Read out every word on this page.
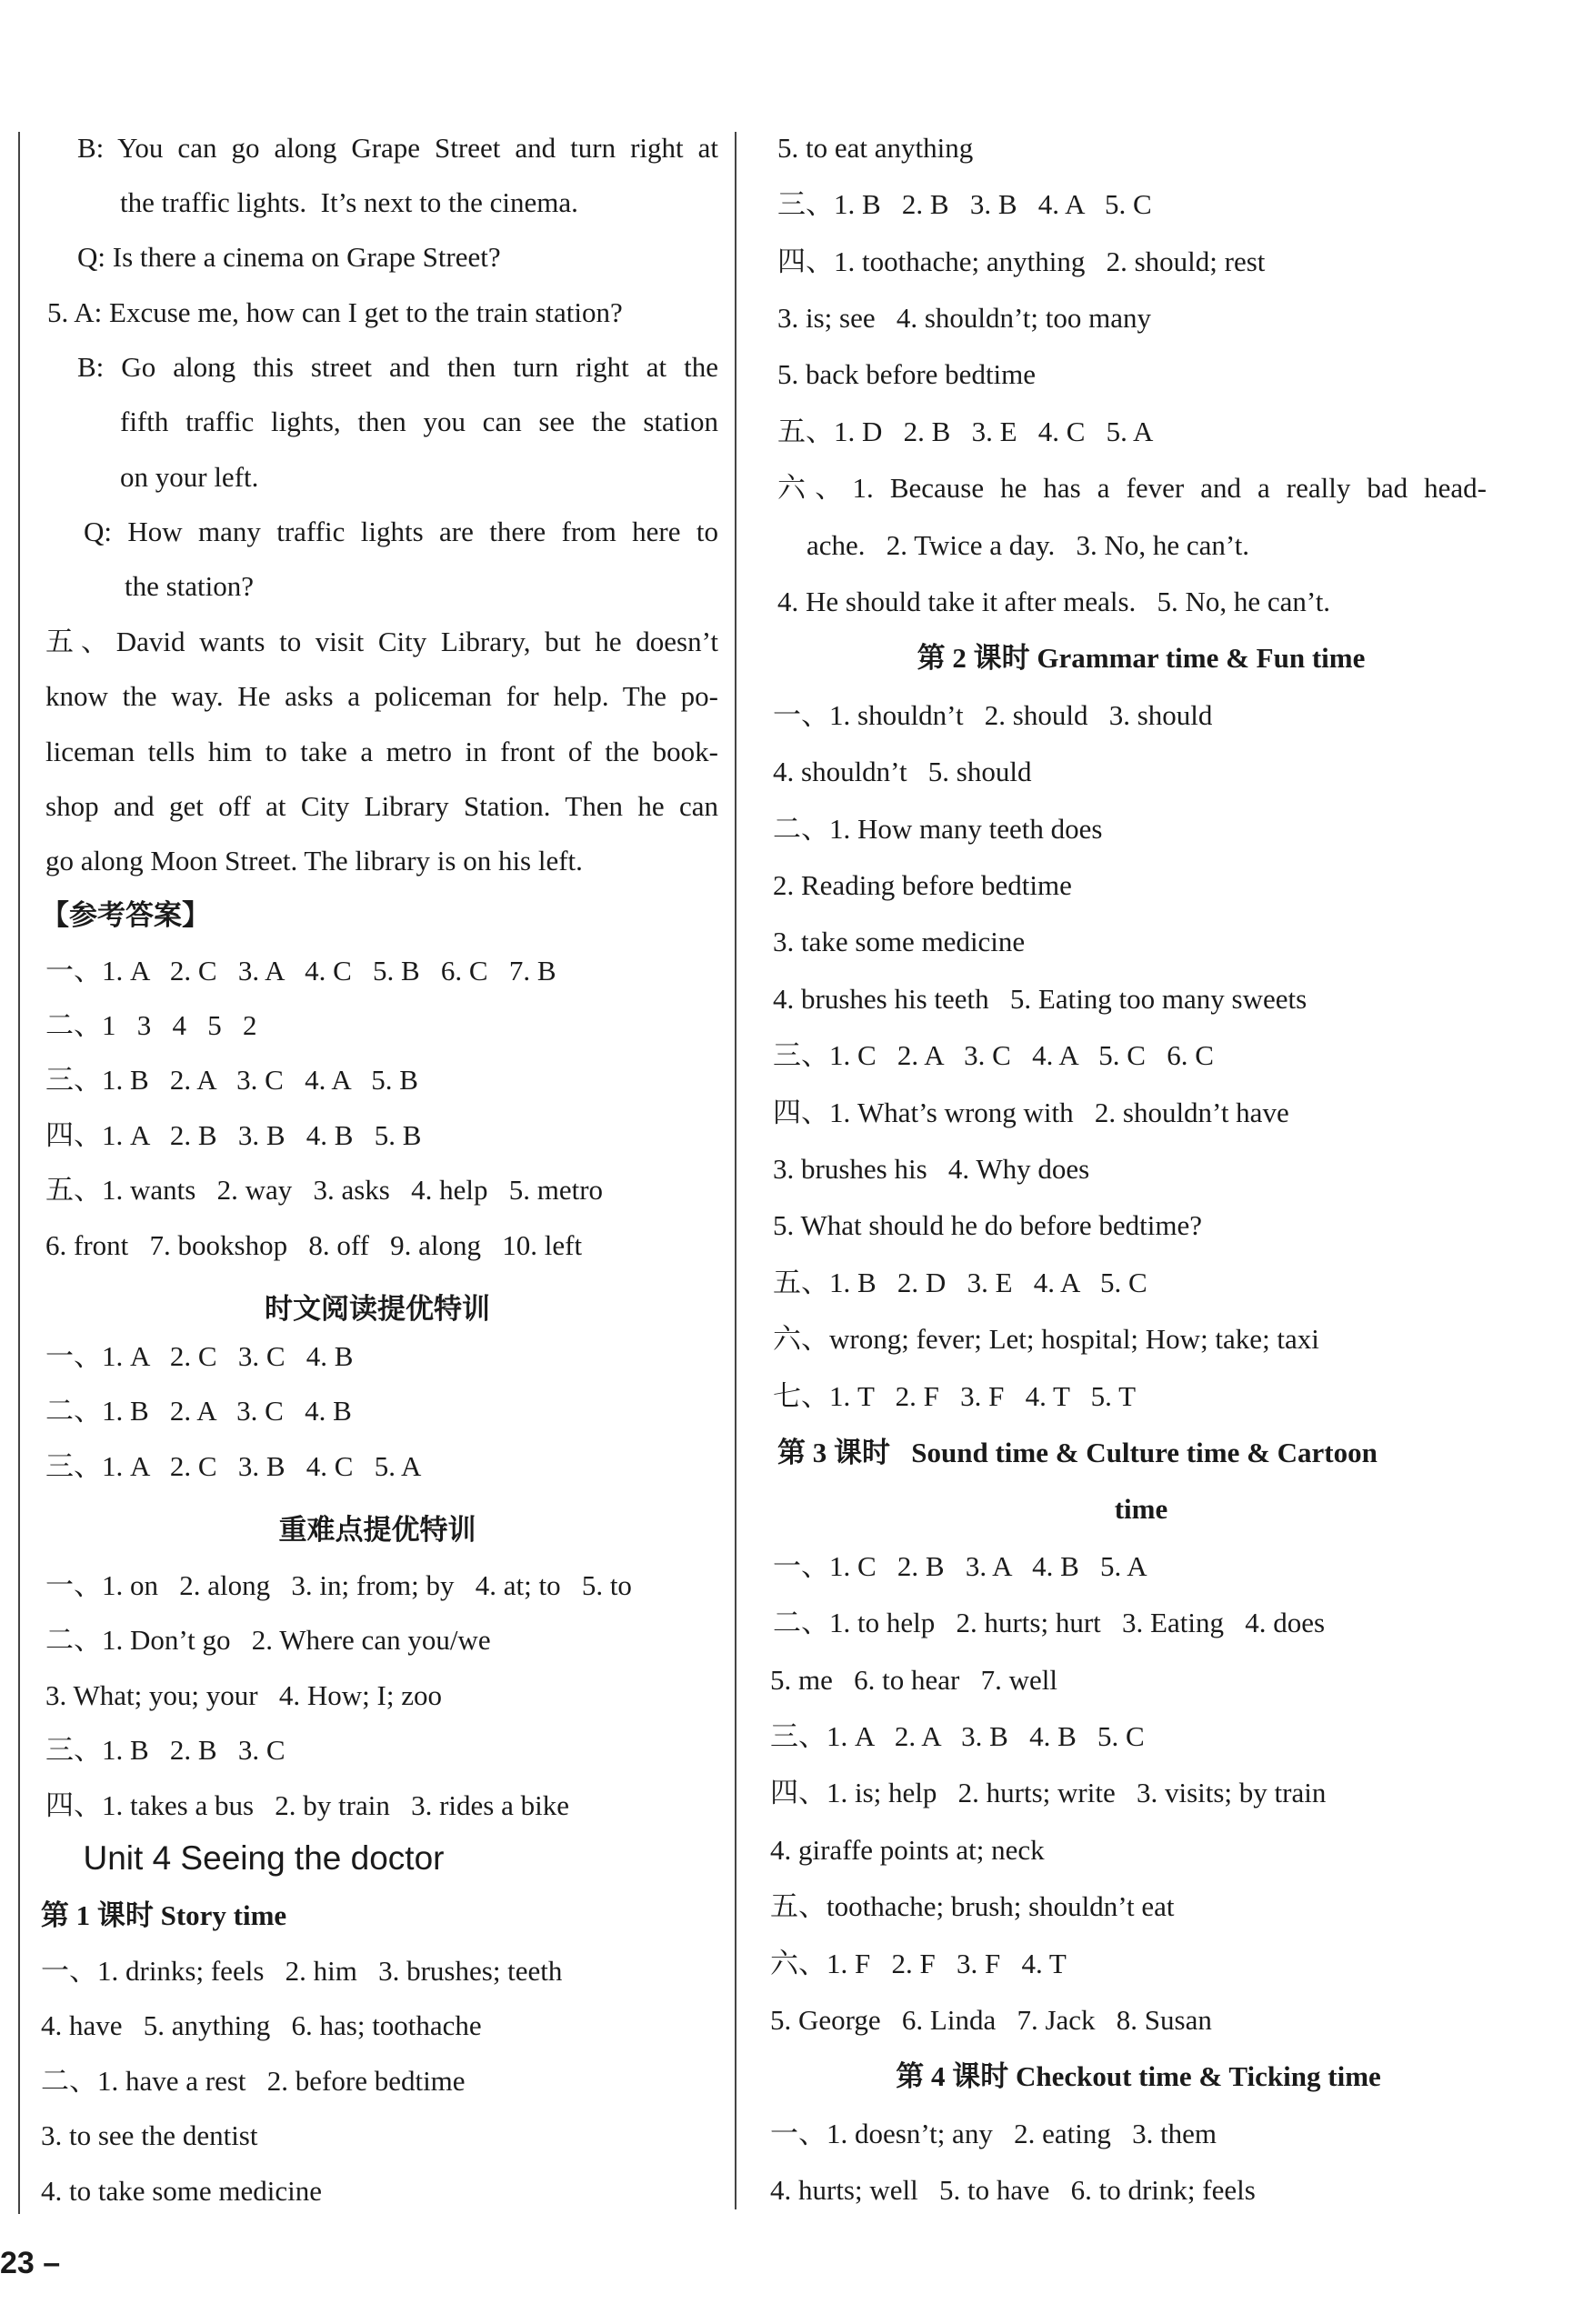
B: You can go along Grape Street and turn right at
the traffic lights.  It’s next to the cinema.
Q: Is there a cinema on Grape Street?
5. A: Excuse me, how can I get to the train station?
B: Go along this street and then turn right at the
fifth traffic lights, then you can see the station
on your left.
Q: How many traffic lights are there from here to
the station?
五、David wants to visit City Library, but he doesn’t
know the way. He asks a policeman for help. The po-
liceman tells him to take a metro in front of the book-
shop and get off at City Library Station. Then he can
go along Moon Street. The library is on his left.
【参考答案】
一、1. A   2. C   3. A   4. C   5. B   6. C   7. B
二、1   3   4   5   2
三、1. B   2. A   3. C   4. A   5. B
四、1. A   2. B   3. B   4. B   5. B
五、1. wants   2. way   3. asks   4. help   5. metro
6. front   7. bookshop   8. off   9. along   10. left
时文阅读提优特训
一、1. A   2. C   3. C   4. B
二、1. B   2. A   3. C   4. B
三、1. A   2. C   3. B   4. C   5. A
重难点提优特训
一、1. on   2. along   3. in; from; by   4. at; to   5. to
二、1. Don’t go   2. Where can you/we
3. What; you; your   4. How; I; zoo
三、1. B   2. B   3. C
四、1. takes a bus   2. by train   3. rides a bike
Unit 4 Seeing the doctor
第 1 课时 Story time
一、1. drinks; feels   2. him   3. brushes; teeth
4. have   5. anything   6. has; toothache
二、1. have a rest   2. before bedtime
3. to see the dentist
4. to take some medicine
5. to eat anything
三、1. B   2. B   3. B   4. A   5. C
四、1. toothache; anything   2. should; rest
3. is; see   4. shouldn’t; too many
5. back before bedtime
五、1. D   2. B   3. E   4. C   5. A
六、1. Because he has a fever and a really bad head-
ache.   2. Twice a day.   3. No, he can’t.
4. He should take it after meals.   5. No, he can’t.
第 2 课时 Grammar time & Fun time
一、1. shouldn’t   2. should   3. should
4. shouldn’t   5. should
二、1. How many teeth does
2. Reading before bedtime
3. take some medicine
4. brushes his teeth   5. Eating too many sweets
三、1. C   2. A   3. C   4. A   5. C   6. C
四、1. What’s wrong with   2. shouldn’t have
3. brushes his   4. Why does
5. What should he do before bedtime?
五、1. B   2. D   3. E   4. A   5. C
六、wrong; fever; Let; hospital; How; take; taxi
七、1. T   2. F   3. F   4. T   5. T
第 3 课时   Sound time & Culture time & Cartoon
time
一、1. C   2. B   3. A   4. B   5. A
二、1. to help   2. hurts; hurt   3. Eating   4. does
5. me   6. to hear   7. well
三、1. A   2. A   3. B   4. B   5. C
四、1. is; help   2. hurts; write   3. visits; by train
4. giraffe points at; neck
五、toothache; brush; shouldn’t eat
六、1. F   2. F   3. F   4. T
5. George   6. Linda   7. Jack   8. Susan
第 4 课时 Checkout time & Ticking time
一、1. doesn’t; any   2. eating   3. them
4. hurts; well   5. to have   6. to drink; feels
23 –
